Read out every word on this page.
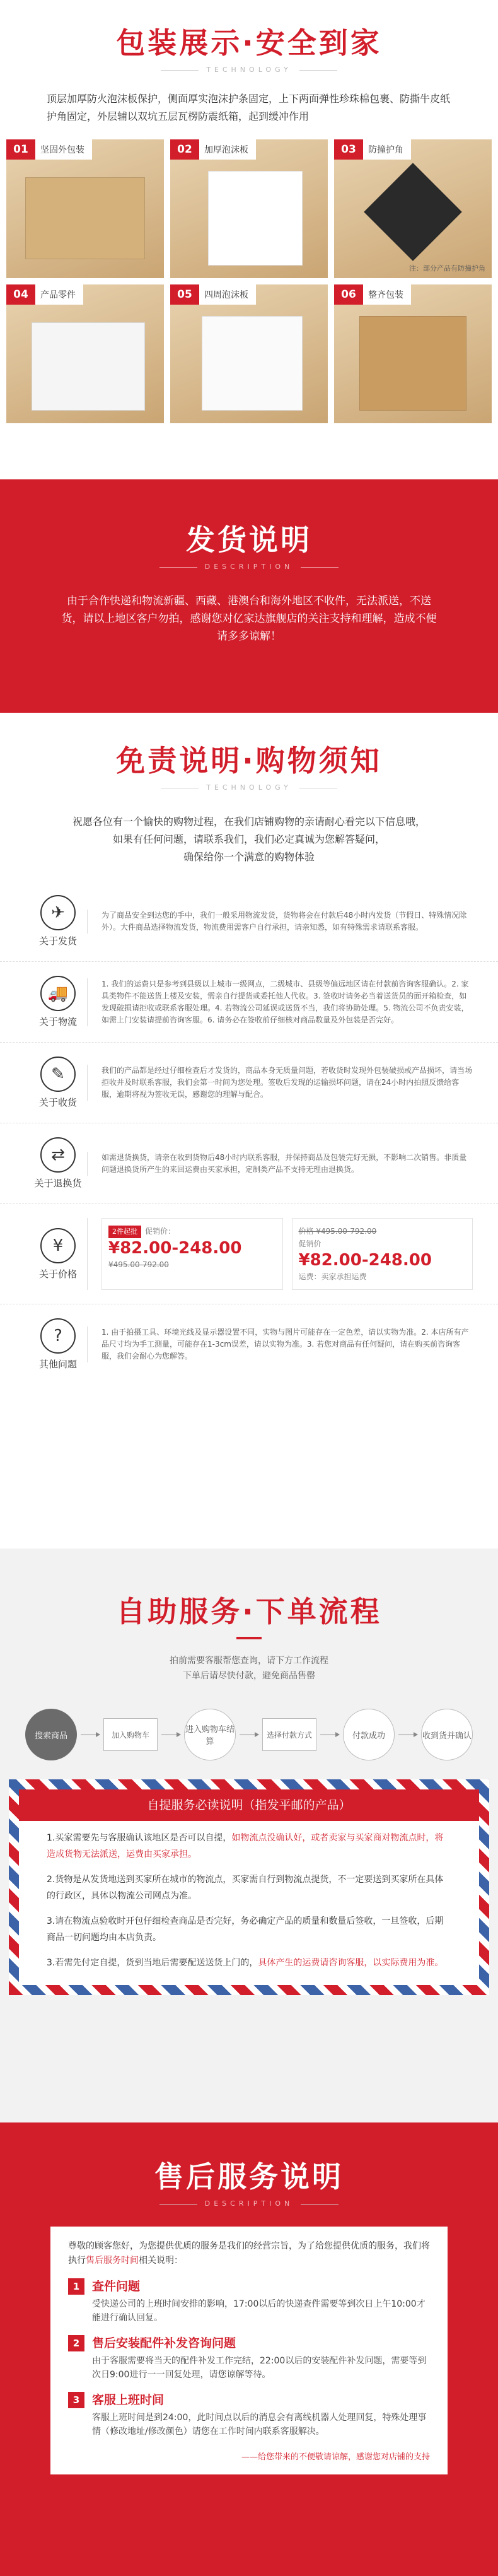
包装展示·安全到家
TECHNOLOGY

顶层加厚防火泡沫板保护，侧面厚实泡沫护条固定，上下两面弹性珍珠棉包裹、防撕牛皮纸护角固定，外层辅以双坑五层瓦楞防震纸箱，起到缓冲作用

01	坚固外包装	02	加厚泡沫板	03	防撞护角
注：部分产品有防撞护角
04	产品零件	05	四周泡沫板	06	整齐包装
发货说明
DESCRIPTION

由于合作快递和物流新疆、西藏、港澳台和海外地区不收件，无法派送，不送货，请以上地区客户勿拍，感谢您对亿家达旗舰店的关注支持和理解，造成不便请多多谅解！

免责说明·购物须知
TECHNOLOGY
祝愿各位有一个愉快的购物过程，在我们店铺购物的亲请耐心看完以下信息哦，
如果有任何问题，请联系我们，我们必定真诚为您解答疑问，
确保给你一个满意的购物体验
✈
关于发货
为了商品安全到达您的手中，我们一般采用物流发货，货物将会在付款后48小时内发货（节假日、特殊情况除外）。大件商品选择物流发货，物流费用需客户自行承担，请亲知悉，如有特殊需求请联系客服。
🚚
关于物流
1. 我们的运费只是参考到县级以上城市一级网点，二级城市、县级等偏远地区请在付款前咨询客服确认。2. 家具类物件不能送货上楼及安装，需亲自行提货或委托他人代收。3. 签收时请务必当着送货员的面开箱检查，如发现破损请拒收或联系客服处理。4. 若物流公司延误或送货不当，我们将协助处理。5. 物流公司不负责安装，如需上门安装请提前咨询客服。6. 请务必在签收前仔细核对商品数量及外包装是否完好。
✎
关于收货
我们的产品都是经过仔细检查后才发货的，商品本身无质量问题，若收货时发现外包装破损或产品损坏，请当场拒收并及时联系客服，我们会第一时间为您处理。签收后发现的运输损坏问题，请在24小时内拍照反馈给客服，逾期将视为签收无误，感谢您的理解与配合。
⇄
关于退换货
如需退货换货，请亲在收到货物后48小时内联系客服，并保持商品及包装完好无损，不影响二次销售。非质量问题退换货所产生的来回运费由买家承担，定制类产品不支持无理由退换货。
¥
关于价格
2件起批 促销价：
¥82.00-248.00
¥495.00-792.00
价格 ¥495.00-792.00
促销价
¥82.00-248.00
运费：卖家承担运费
?
其他问题
1. 由于拍摄工具、环境光线及显示器设置不同，实物与图片可能存在一定色差，请以实物为准。2. 本店所有产品尺寸均为手工测量，可能存在1-3cm误差，请以实物为准。3. 若您对商品有任何疑问，请在购买前咨询客服，我们会耐心为您解答。
自助服务·下单流程
拍前需要客服帮您查询，请下方工作流程
下单后请尽快付款，避免商品售罄
搜索商品	加入购物车
进入购物车结算
选择付款方式	付款成功	收到货并确认
自提服务必读说明（指发平邮的产品）

1.买家需要先与客服确认该地区是否可以自提，如物流点没确认好，或者卖家与买家商对物流点时，将造成货物无法派送，运费由买家承担。

2.货物是从发货地送到买家所在城市的物流点，买家需自行到物流点提货，不一定要送到买家所在具体的行政区，具体以物流公司网点为准。

3.请在物流点验收时开包仔细检查商品是否完好，务必确定产品的质量和数量后签收，一旦签收，后期商品一切问题均由本店负责。

3.若需先付定自提，货到当地后需要配送送货上门的，具体产生的运费请咨询客服，以实际费用为准。

售后服务说明
DESCRIPTION

尊敬的顾客您好，为您提供优质的服务是我们的经营宗旨，为了给您提供优质的服务，我们将执行售后服务时间相关说明：

1	查件问题
受快递公司的上班时间安排的影响，17:00以后的快递查件需要等到次日上午10:00才能进行确认回复。
2	售后安装配件补发咨询问题
由于客服需要将当天的配件补发工作完结，22:00以后的安装配件补发问题，需要等到次日9:00进行一一回复处理，请您谅解等待。
3	客服上班时间
客服上班时间是到24:00，此时间点以后的消息会有离线机器人处理回复，特殊处理事情（修改地址/修改颜色）请您在工作时间内联系客服解决。
——给您带来的不便敬请谅解，感谢您对店铺的支持
